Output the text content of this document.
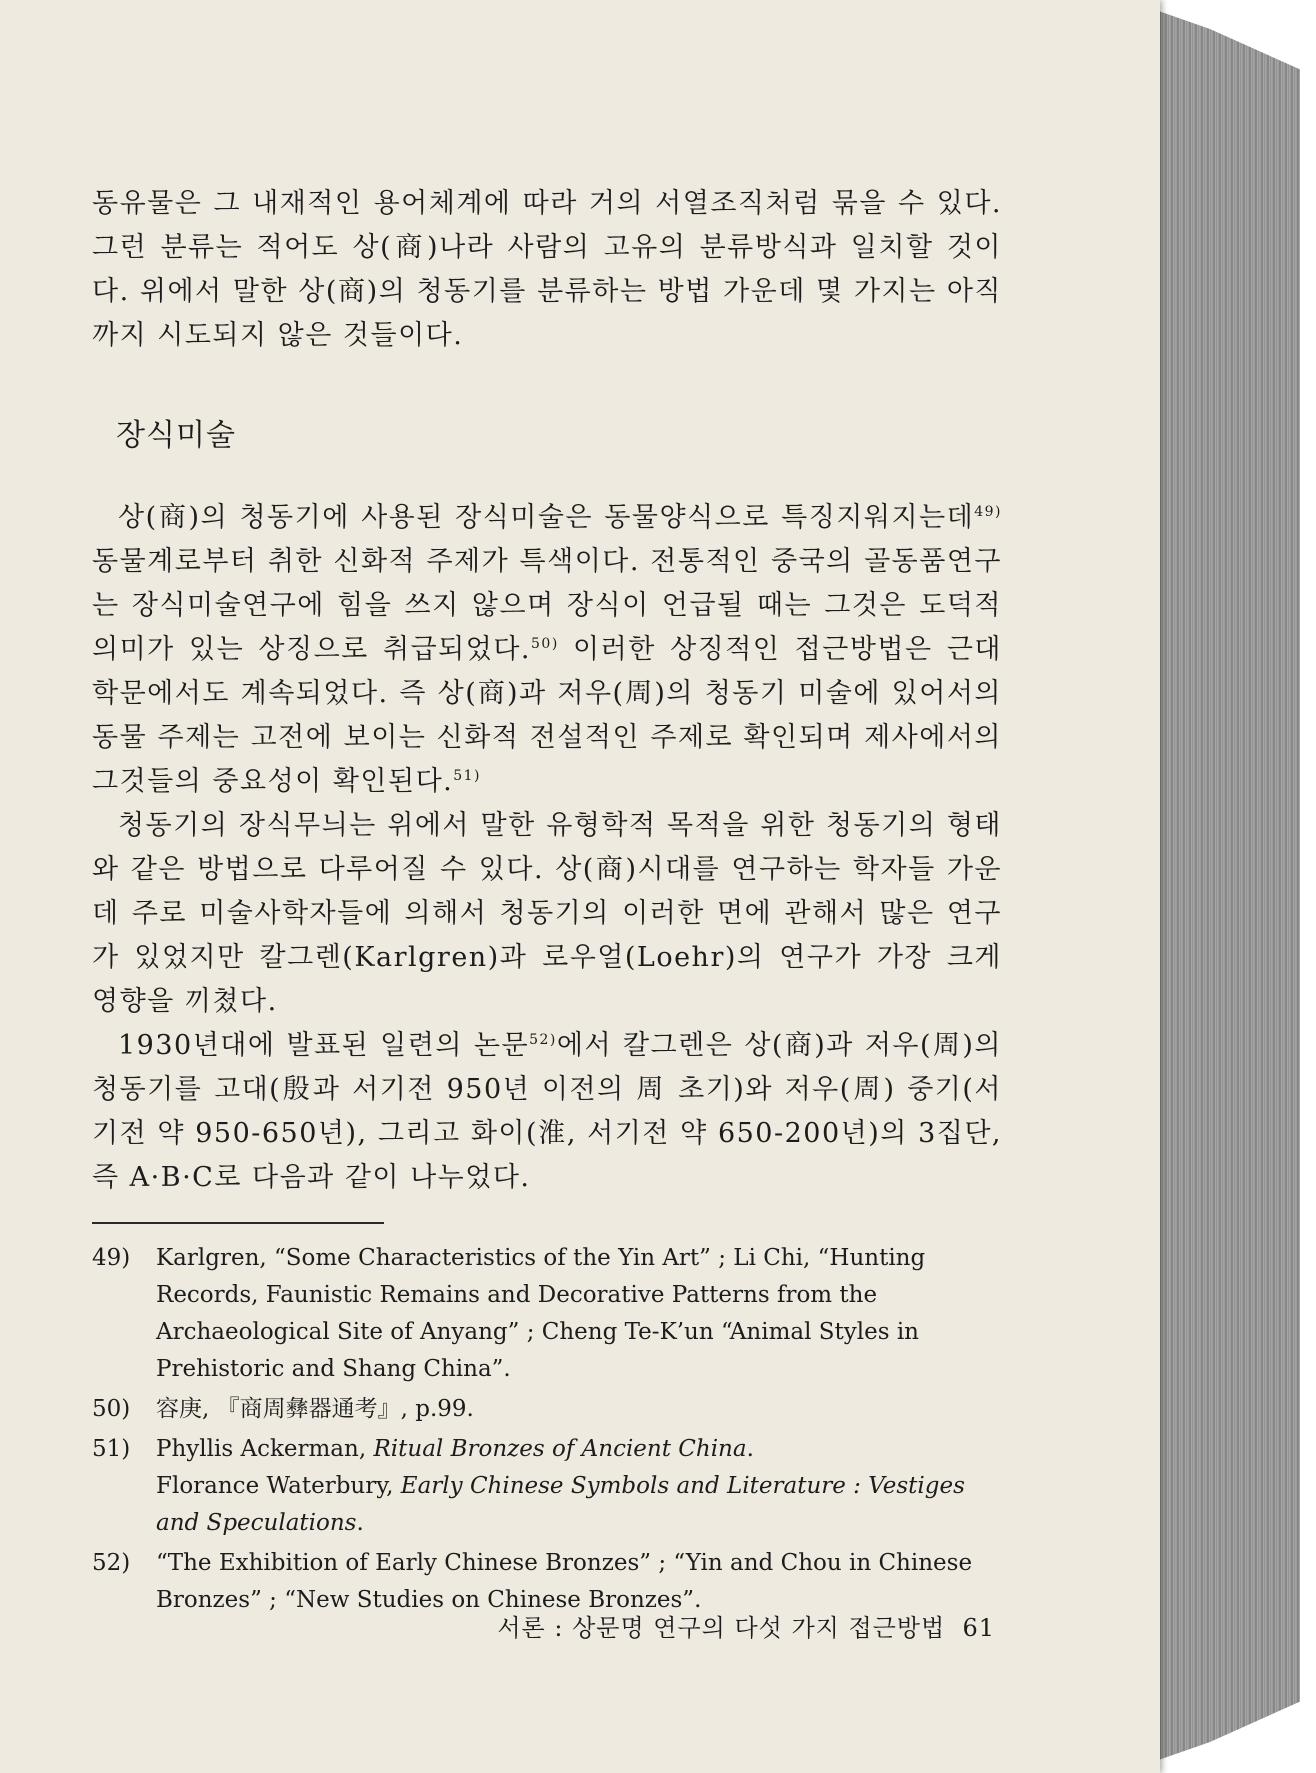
동유물은 그 내재적인 용어체계에 따라 거의 서열조직처럼 묶을 수 있다. 그런 분류는 적어도 상(商)나라 사람의 고유의 분류방식과 일치할 것이다. 위에서 말한 상(商)의 청동기를 분류하는 방법 가운데 몇 가지는 아직까지 시도되지 않은 것들이다.

장식미술

상(商)의 청동기에 사용된 장식미술은 동물양식으로 특징지워지는데$^{49)}$ 동물계로부터 취한 신화적 주제가 특색이다. 전통적인 중국의 골동품연구는 장식미술연구에 힘을 쓰지 않으며 장식이 언급될 때는 그것은 도덕적 의미가 있는 상징으로 취급되었다.$^{50)}$ 이러한 상징적인 접근방법은 근대 학문에서도 계속되었다. 즉 상(商)과 저우(周)의 청동기 미술에 있어서의 동물 주제는 고전에 보이는 신화적 전설적인 주제로 확인되며 제사에서의 그것들의 중요성이 확인된다.$^{51)}$

청동기의 장식무늬는 위에서 말한 유형학적 목적을 위한 청동기의 형태와 같은 방법으로 다루어질 수 있다. 상(商)시대를 연구하는 학자들 가운데 주로 미술사학자들에 의해서 청동기의 이러한 면에 관해서 많은 연구가 있었지만 칼그렌(Karlgren)과 로우얼(Loehr)의 연구가 가장 크게 영향을 끼쳤다.

1930년대에 발표된 일련의 논문$^{52)}$에서 칼그렌은 상(商)과 저우(周)의 청동기를 고대(殷과 서기전 950년 이전의 周 초기)와 저우(周) 중기(서기전 약 950-650년), 그리고 화이(淮, 서기전 약 650-200년)의 3집단, 즉 A·B·C로 다음과 같이 나누었다.

49) Karlgren, “Some Characteristics of the Yin Art” ; Li Chi, “Hunting Records, Faunistic Remains and Decorative Patterns from the Archaeological Site of Anyang” ; Cheng Te-K’un “Animal Styles in Prehistoric and Shang China”.

50) 容庚, 『商周彝器通考』, p.99.

51) Phyllis Ackerman, Ritual Bronzes of Ancient China.
Florance Waterbury, Early Chinese Symbols and Literature : Vestiges and Speculations.

52) “The Exhibition of Early Chinese Bronzes” ; “Yin and Chou in Chinese Bronzes” ; “New Studies on Chinese Bronzes”.

서론 : 상문명 연구의 다섯 가지 접근방법 61
